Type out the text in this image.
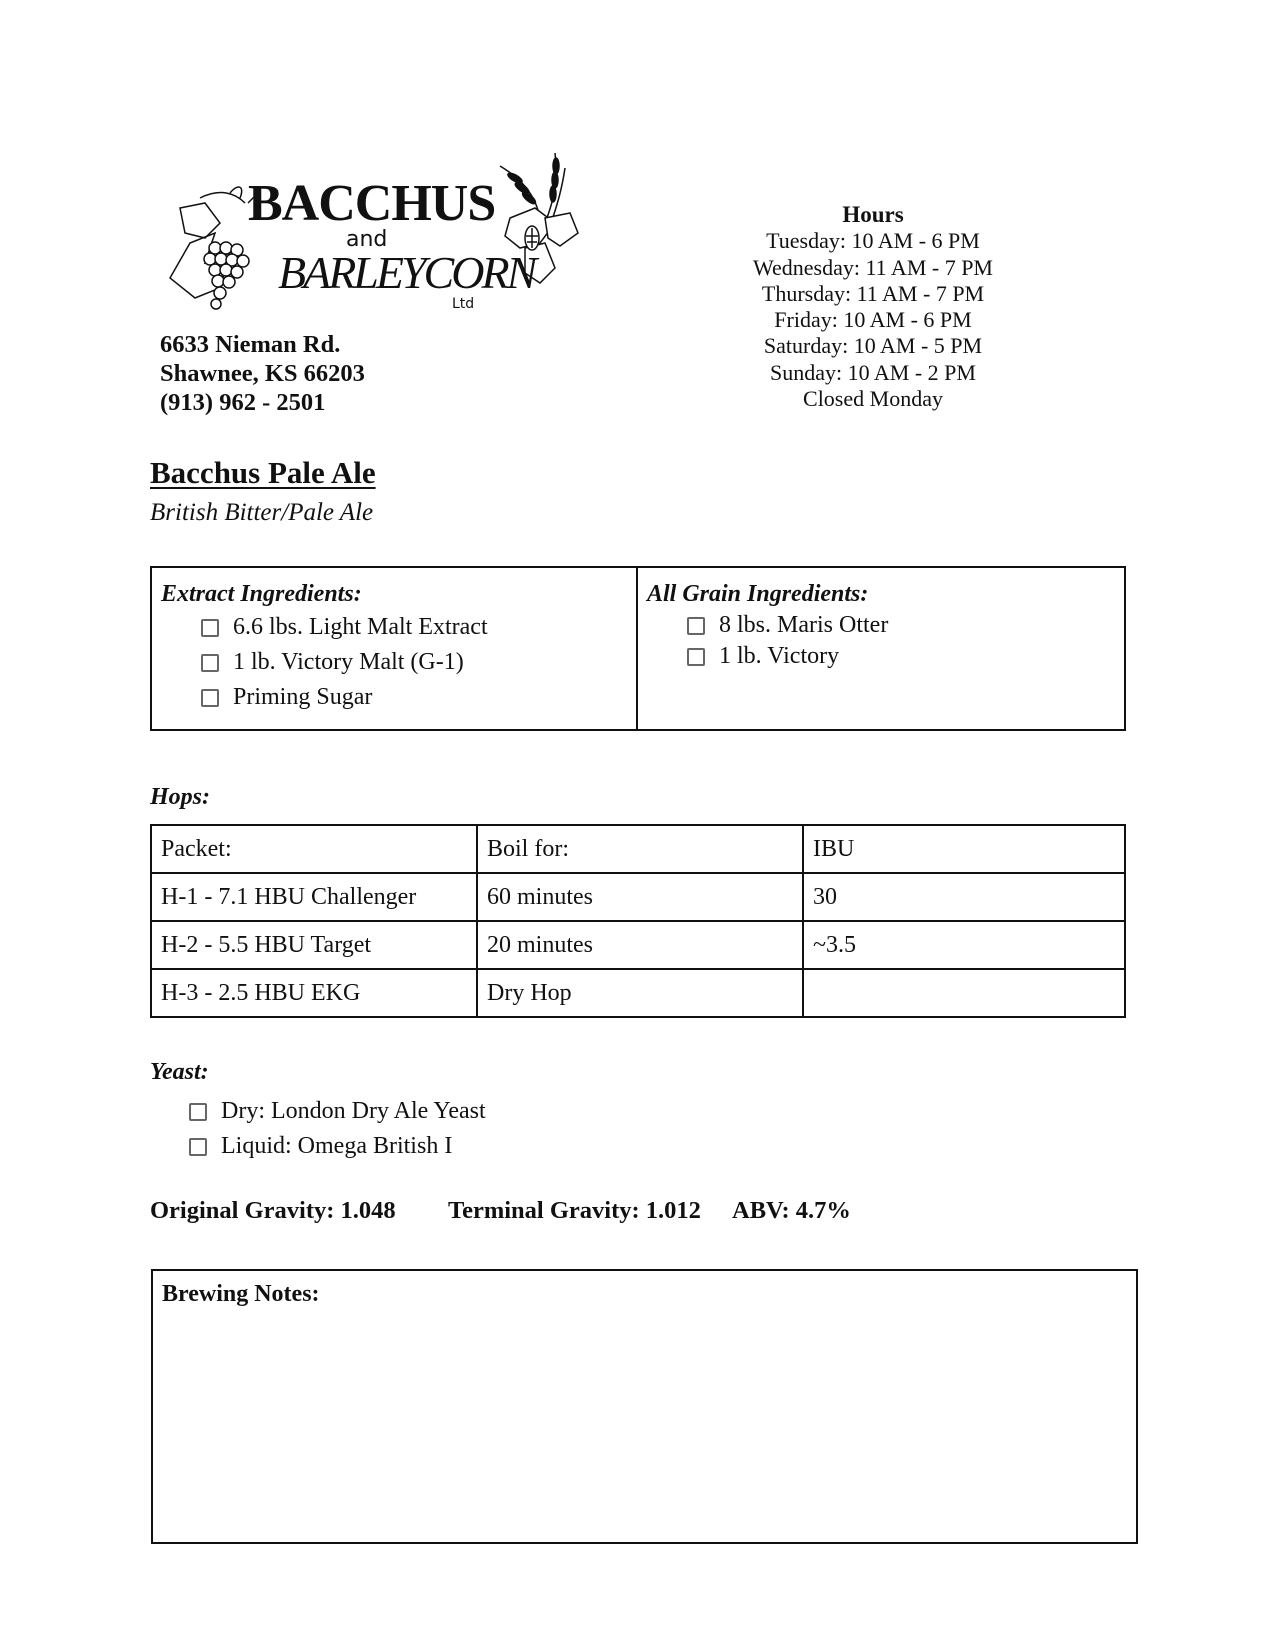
BACCHUS
and
BARLEYCORN
Ltd
6633 Nieman Rd.
Shawnee, KS 66203
(913) 962 - 2501
Hours
Tuesday: 10 AM - 6 PM
Wednesday: 11 AM - 7 PM
Thursday: 11 AM - 7 PM
Friday: 10 AM - 6 PM
Saturday: 10 AM - 5 PM
Sunday: 10 AM - 2 PM
Closed Monday
Bacchus Pale Ale
British Bitter/Pale Ale
Extract Ingredients:
6.6 lbs. Light Malt Extract
1 lb. Victory Malt (G-1)
Priming Sugar
All Grain Ingredients:
8 lbs. Maris Otter
1 lb. Victory
Hops:
Packet:	Boil for:	IBU
H-1 - 7.1 HBU Challenger	60 minutes	30
H-2 - 5.5 HBU Target	20 minutes	~3.5
H-3 - 2.5 HBU EKG	Dry Hop	
Yeast:
Dry: London Dry Ale Yeast
Liquid: Omega British I
Original Gravity: 1.048 Terminal Gravity: 1.012 ABV: 4.7%
Brewing Notes:
